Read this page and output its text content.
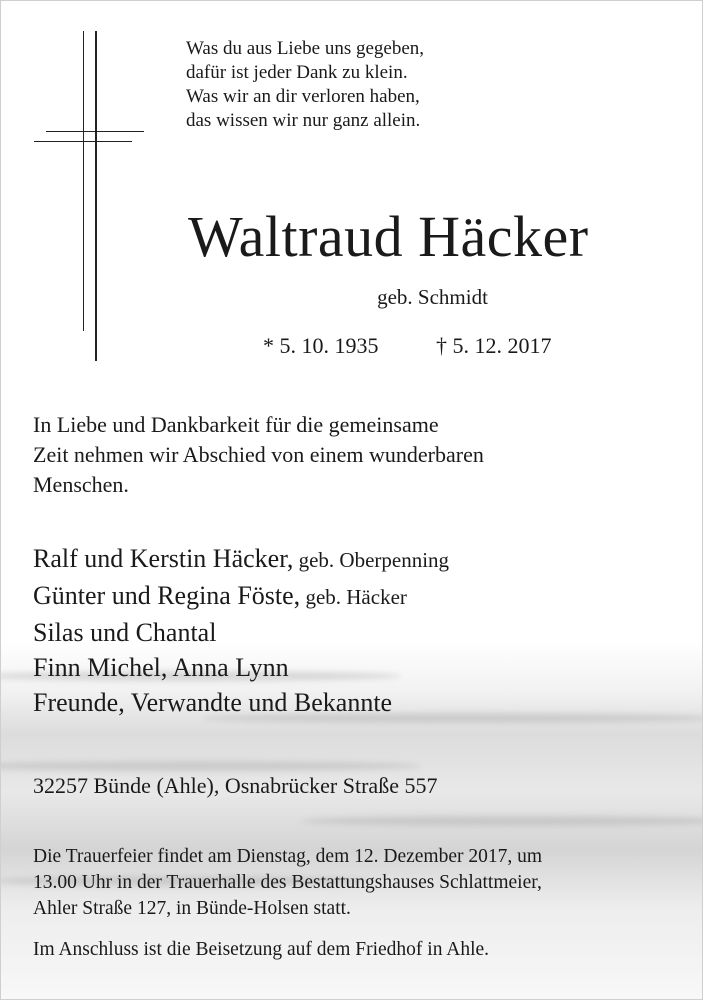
Was du aus Liebe uns gegeben,
dafür ist jeder Dank zu klein.
Was wir an dir verloren haben,
das wissen wir nur ganz allein.
Waltraud Häcker
geb. Schmidt
* 5. 10. 1935	† 5. 12. 2017
In Liebe und Dankbarkeit für die gemeinsame
Zeit nehmen wir Abschied von einem wunderbaren
Menschen.
Ralf und Kerstin Häcker, geb. Oberpenning
Günter und Regina Föste, geb. Häcker
Silas und Chantal
Finn Michel, Anna Lynn
Freunde, Verwandte und Bekannte
32257 Bünde (Ahle), Osnabrücker Straße 557
Die Trauerfeier findet am Dienstag, dem 12. Dezember 2017, um
13.00 Uhr in der Trauerhalle des Bestattungshauses Schlattmeier,
Ahler Straße 127, in Bünde-Holsen statt.
Im Anschluss ist die Beisetzung auf dem Friedhof in Ahle.
